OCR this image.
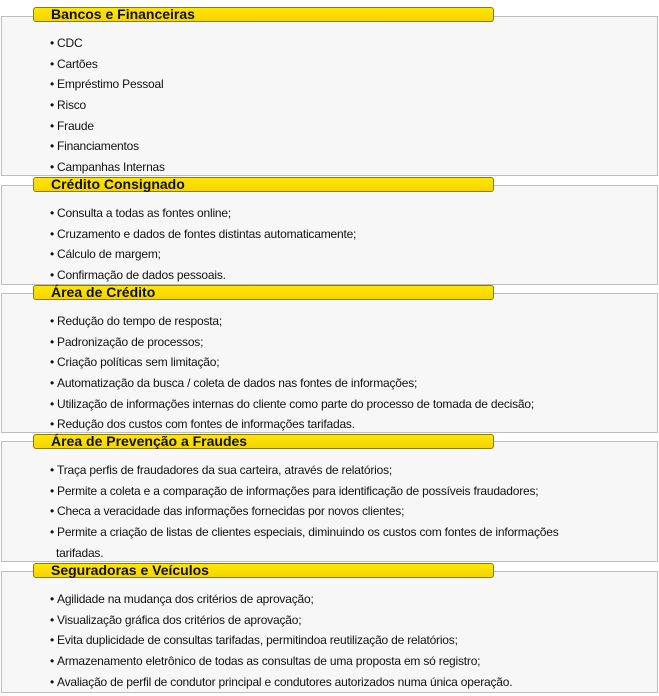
Bancos e Financeiras
• CDC
• Cartões
• Empréstimo Pessoal
• Risco
• Fraude
• Financiamentos
• Campanhas Internas
Crédito Consignado
• Consulta a todas as fontes online;
• Cruzamento e dados de fontes distintas automaticamente;
• Cálculo de margem;
• Confirmação de dados pessoais.
Área de Crédito
• Redução do tempo de resposta;
• Padronização de processos;
• Criação políticas sem limitação;
• Automatização da busca / coleta de dados nas fontes de informações;
• Utilização de informações internas do cliente como parte do processo de tomada de decisão;
• Redução dos custos com fontes de informações tarifadas.
Área de Prevenção a Fraudes
• Traça perfis de fraudadores da sua carteira, através de relatórios;
• Permite a coleta e a comparação de informações para identificação de possíveis fraudadores;
• Checa a veracidade das informações fornecidas por novos clientes;
• Permite a criação de listas de clientes especiais, diminuindo os custos com fontes de informações tarifadas.
Seguradoras e Veículos
• Agilidade na mudança dos critérios de aprovação;
• Visualização gráfica dos critérios de aprovação;
• Evita duplicidade de consultas tarifadas, permitindoa reutilização de relatórios;
• Armazenamento eletrônico de todas as consultas de uma proposta em só registro;
• Avaliação de perfil de condutor principal e condutores autorizados numa única operação.
